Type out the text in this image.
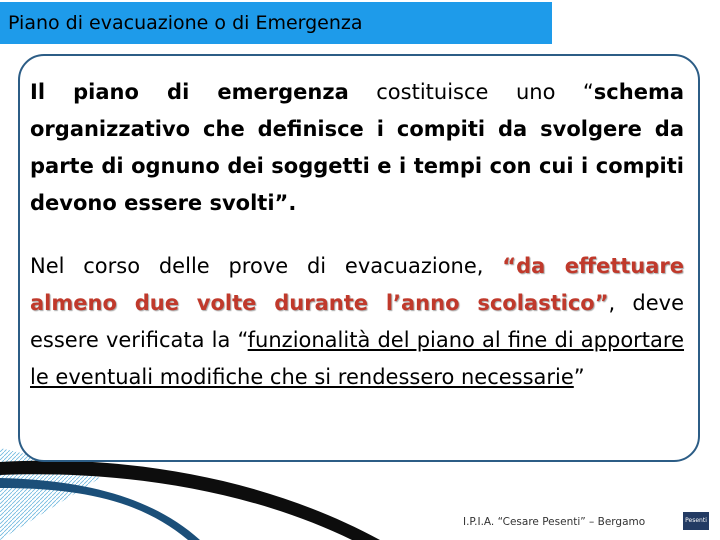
Piano di evacuazione o di Emergenza
Il piano di emergenza costituisce uno “schema organizzativo che definisce i compiti da svolgere da parte di ognuno dei soggetti e i tempi con cui i compiti devono essere svolti”.
Nel corso delle prove di evacuazione, “da effettuare almeno due volte durante l’anno scolastico”, deve essere verificata la “funzionalità del piano al fine di apportare le eventuali modifiche che si rendessero necessarie”
I.P.I.A. “Cesare Pesenti” – Bergamo	Pesenti
